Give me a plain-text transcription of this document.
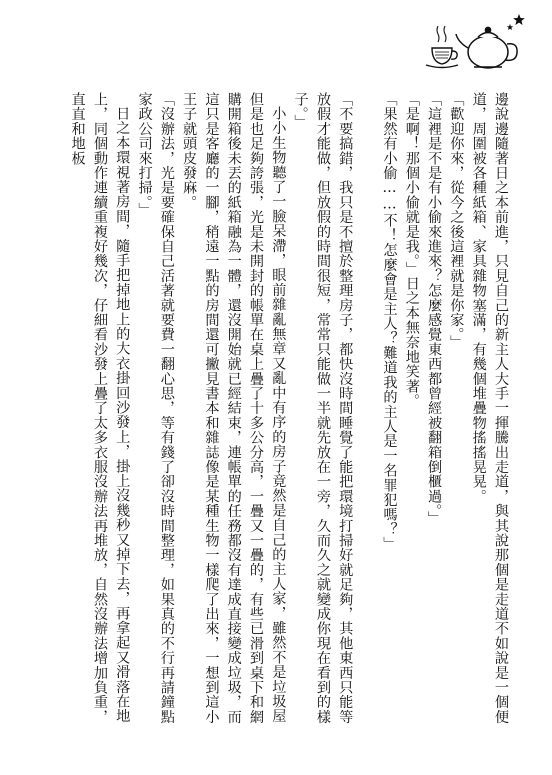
邊說邊隨著日之本前進，只見自己的新主人大手一揮騰出走道，與其說那個是走道不如說是一個便道，周圍被各種紙箱、家具雜物塞滿，有幾個堆疊物搖搖晃晃。

「歡迎你來，從今之後這裡就是你家。」

「這裡是不是有小偷來進來？怎麼感覺東西都曾經被翻箱倒櫃過。」

「是啊！那個小偷就是我。」日之本無奈地笑著。

「果然有小偷……不！怎麼會是主人？難道我的主人是一名罪犯嗎？」

「不要搞錯，我只是不擅於整理房子，都快沒時間睡覺了能把環境打掃好就足夠，其他東西只能等放假才能做，但放假的時間很短，常常只能做一半就先放在一旁，久而久之就變成你現在看到的樣子。」

小小生物聽了一臉呆滯，眼前雜亂無章又亂中有序的房子竟然是自己的主人家，雖然不是垃圾屋但是也足夠誇張，光是未開封的帳單在桌上疊了十多公分高，一疊又一疊的，有些已滑到桌下和網購開箱後未丟的紙箱融為一體，還沒開始就已經結束，連帳單的任務都沒有達成直接變成垃圾，而這只是客廳的一腳，稍遠一點的房間還可撇見書本和雜誌像是某種生物一樣爬了出來，一想到這小王子就頭皮發麻。

「沒辦法，光是要確保自己活著就要費一翻心思，等有錢了卻沒時間整理，如果真的不行再請鐘點家政公司來打掃。」

日之本環視著房間，隨手把掉地上的大衣掛回沙發上，掛上沒幾秒又掉下去，再拿起又滑落在地上，同個動作連續重複好幾次，仔細看沙發上疊了太多衣服沒辦法再堆放，自然沒辦法增加負重，直直和地板
